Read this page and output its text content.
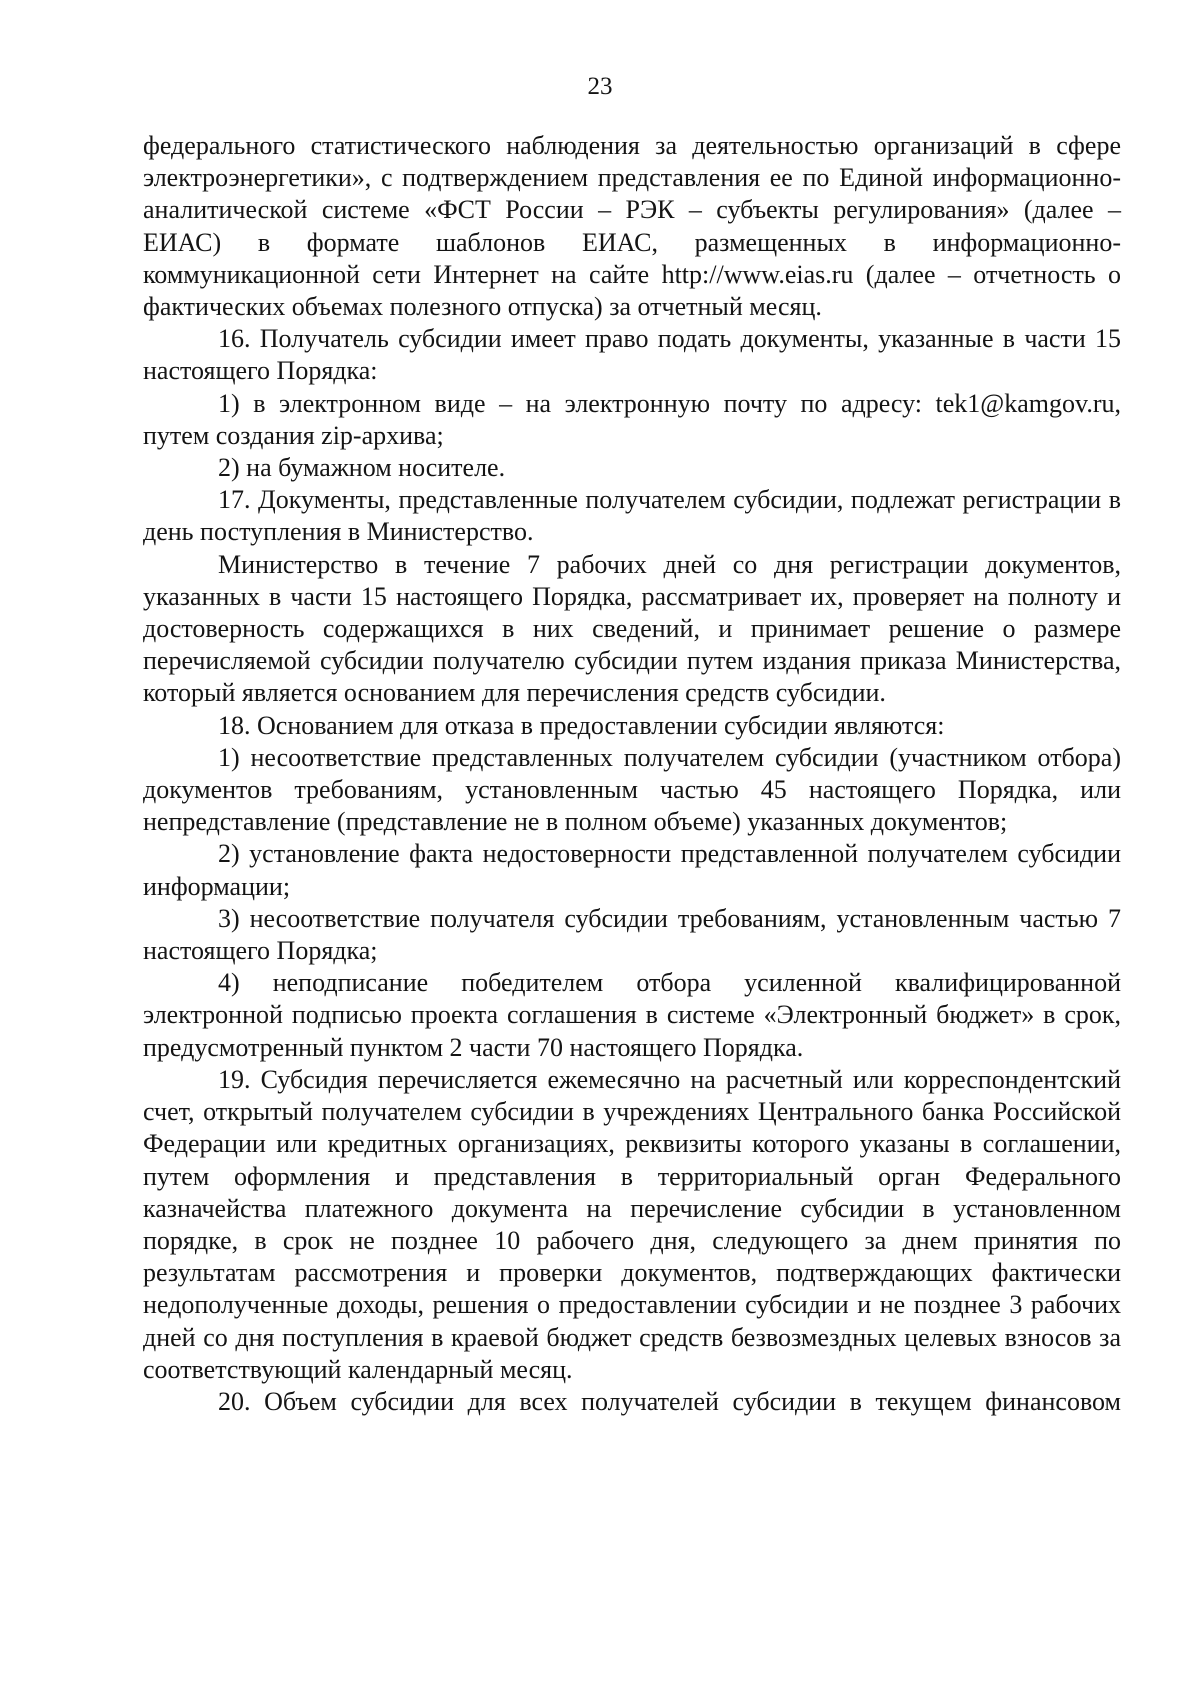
23

федерального статистического наблюдения за деятельностью организаций в сфере электроэнергетики», с подтверждением представления ее по Единой информационно-аналитической системе «ФСТ России – РЭК – субъекты регулирования» (далее – ЕИАС) в формате шаблонов ЕИАС, размещенных в информационно-коммуникационной сети Интернет на сайте http://www.eias.ru (далее – отчетность о фактических объемах полезного отпуска) за отчетный месяц.

16. Получатель субсидии имеет право подать документы, указанные в части 15 настоящего Порядка:

1) в электронном виде – на электронную почту по адресу: tek1@kamgov.ru, путем создания zip-архива;

2) на бумажном носителе.

17. Документы, представленные получателем субсидии, подлежат регистрации в день поступления в Министерство.

Министерство в течение 7 рабочих дней со дня регистрации документов, указанных в части 15 настоящего Порядка, рассматривает их, проверяет на полноту и достоверность содержащихся в них сведений, и принимает решение о размере перечисляемой субсидии получателю субсидии путем издания приказа Министерства, который является основанием для перечисления средств субсидии.

18. Основанием для отказа в предоставлении субсидии являются:

1) несоответствие представленных получателем субсидии (участником отбора) документов требованиям, установленным частью 45 настоящего Порядка, или непредставление (представление не в полном объеме) указанных документов;

2) установление факта недостоверности представленной получателем субсидии информации;

3) несоответствие получателя субсидии требованиям, установленным частью 7 настоящего Порядка;

4) неподписание победителем отбора усиленной квалифицированной электронной подписью проекта соглашения в системе «Электронный бюджет» в срок, предусмотренный пунктом 2 части 70 настоящего Порядка.

19. Субсидия перечисляется ежемесячно на расчетный или корреспондентский счет, открытый получателем субсидии в учреждениях Центрального банка Российской Федерации или кредитных организациях, реквизиты которого указаны в соглашении, путем оформления и представления в территориальный орган Федерального казначейства платежного документа на перечисление субсидии в установленном порядке, в срок не позднее 10 рабочего дня, следующего за днем принятия по результатам рассмотрения и проверки документов, подтверждающих фактически недополученные доходы, решения о предоставлении субсидии и не позднее 3 рабочих дней со дня поступления в краевой бюджет средств безвозмездных целевых взносов за соответствующий календарный месяц.

20. Объем субсидии для всех получателей субсидии в текущем финансовом
